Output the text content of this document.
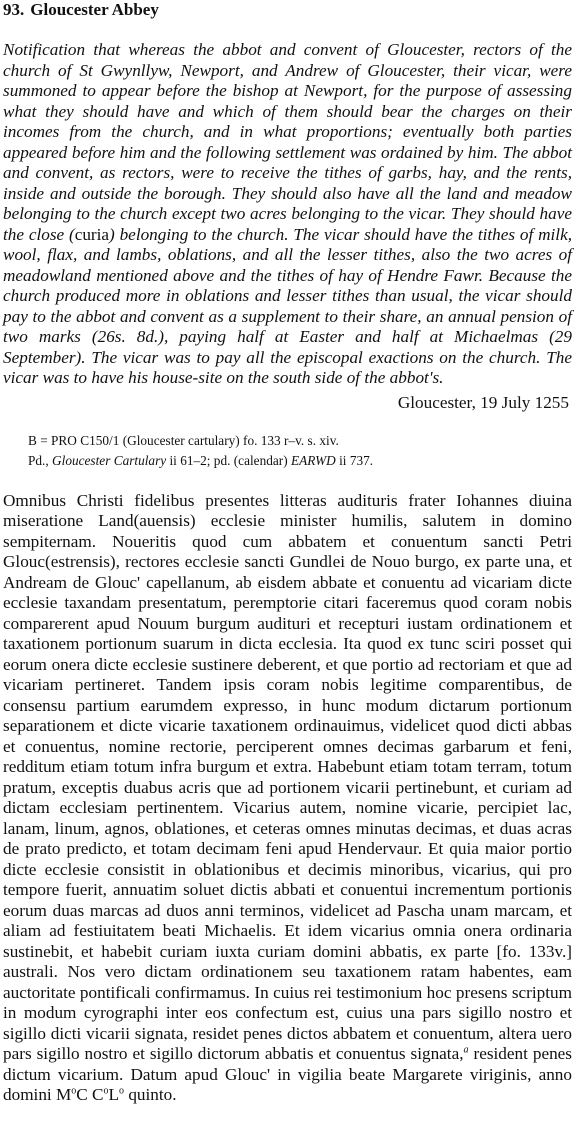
93. Gloucester Abbey

Notification that whereas the abbot and convent of Gloucester, rectors of the church of St Gwynllyw, Newport, and Andrew of Gloucester, their vicar, were summoned to appear before the bishop at Newport, for the purpose of assessing what they should have and which of them should bear the charges on their incomes from the church, and in what proportions; eventually both parties appeared before him and the following settlement was ordained by him. The abbot and convent, as rectors, were to receive the tithes of garbs, hay, and the rents, inside and outside the borough. They should also have all the land and meadow belonging to the church except two acres belonging to the vicar. They should have the close (curia) belonging to the church. The vicar should have the tithes of milk, wool, flax, and lambs, oblations, and all the lesser tithes, also the two acres of meadowland mentioned above and the tithes of hay of Hendre Fawr. Because the church produced more in oblations and lesser tithes than usual, the vicar should pay to the abbot and convent as a supplement to their share, an annual pension of two marks (26s. 8d.), paying half at Easter and half at Michaelmas (29 September). The vicar was to pay all the episcopal exactions on the church. The vicar was to have his house-site on the south side of the abbot's.

Gloucester, 19 July 1255

B = PRO C150/1 (Gloucester cartulary) fo. 133 r–v. s. xiv.

Pd., Gloucester Cartulary ii 61–2; pd. (calendar) EARWD ii 737.

Omnibus Christi fidelibus presentes litteras audituris frater Iohannes diuina miseratione Land(auensis) ecclesie minister humilis, salutem in domino sempiternam. Noueritis quod cum abbatem et conuentum sancti Petri Glouc(estrensis), rectores ecclesie sancti Gundlei de Nouo burgo, ex parte una, et Andream de Glouc' capellanum, ab eisdem abbate et conuentu ad vicariam dicte ecclesie taxandam presentatum, peremptorie citari faceremus quod coram nobis comparerent apud Nouum burgum audituri et recepturi iustam ordinationem et taxationem portionum suarum in dicta ecclesia. Ita quod ex tunc sciri posset qui eorum onera dicte ecclesie sustinere deberent, et que portio ad rectoriam et que ad vicariam pertineret. Tandem ipsis coram nobis legitime comparentibus, de consensu partium earumdem expresso, in hunc modum dictarum portionum separationem et dicte vicarie taxationem ordinauimus, videlicet quod dicti abbas et conuentus, nomine rectorie, perciperent omnes decimas garbarum et feni, redditum etiam totum infra burgum et extra. Habebunt etiam totam terram, totum pratum, exceptis duabus acris que ad portionem vicarii pertinebunt, et curiam ad dictam ecclesiam pertinentem. Vicarius autem, nomine vicarie, percipiet lac, lanam, linum, agnos, oblationes, et ceteras omnes minutas decimas, et duas acras de prato predicto, et totam decimam feni apud Hendervaur. Et quia maior portio dicte ecclesie consistit in oblationibus et decimis minoribus, vicarius, qui pro tempore fuerit, annuatim soluet dictis abbati et conuentui incrementum portionis eorum duas marcas ad duos anni terminos, videlicet ad Pascha unam marcam, et aliam ad festiuitatem beati Michaelis. Et idem vicarius omnia onera ordinaria sustinebit, et habebit curiam iuxta curiam domini abbatis, ex parte [fo. 133v.] australi. Nos vero dictam ordinationem seu taxationem ratam habentes, eam auctoritate pontificali confirmamus. In cuius rei testimonium hoc presens scriptum in modum cyrographi inter eos confectum est, cuius una pars sigillo nostro et sigillo dicti vicarii signata, residet penes dictos abbatem et conuentum, altera uero pars sigillo nostro et sigillo dictorum abbatis et conuentus signata,$^a$ resident penes dictum vicarium. Datum apud Glouc' in vigilia beate Margarete viriginis, anno domini $M^oC$ $C^oL^o$ quinto.
